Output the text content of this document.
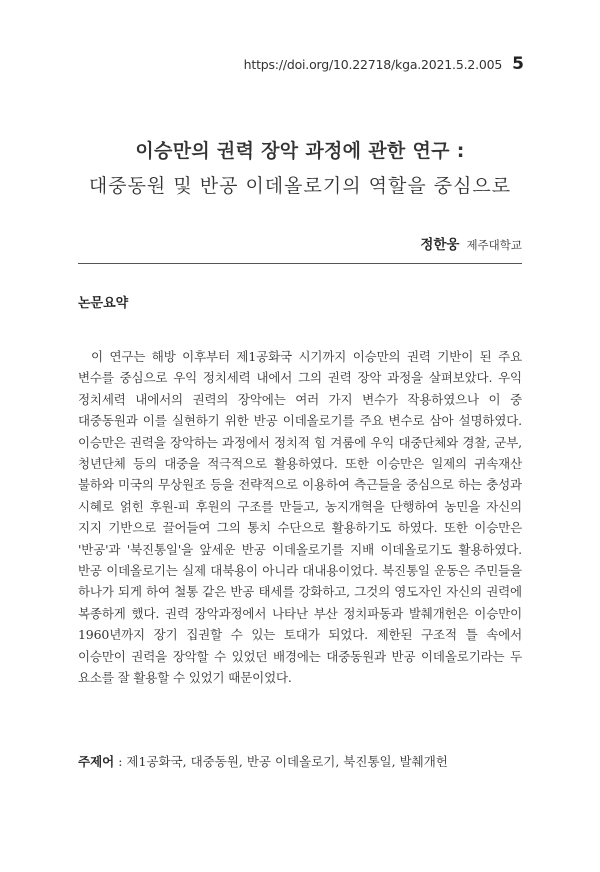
https://doi.org/10.22718/kga.2021.5.2.005 5
이승만의 권력 장악 과정에 관한 연구 :
대중동원 및 반공 이데올로기의 역할을 중심으로
정한웅 제주대학교
논문요약
이 연구는 해방 이후부터 제1공화국 시기까지 이승만의 권력 기반이 된 주요 변수를 중심으로 우익 정치세력 내에서 그의 권력 장악 과정을 살펴보았다. 우익 정치세력 내에서의 권력의 장악에는 여러 가지 변수가 작용하였으나 이 중 대중동원과 이를 실현하기 위한 반공 이데올로기를 주요 변수로 삼아 설명하였다. 이승만은 권력을 장악하는 과정에서 정치적 힘 겨룸에 우익 대중단체와 경찰, 군부, 청년단체 등의 대중을 적극적으로 활용하였다. 또한 이승만은 일제의 귀속재산 불하와 미국의 무상원조 등을 전략적으로 이용하여 측근들을 중심으로 하는 충성과 시혜로 얽힌 후원-피 후원의 구조를 만들고, 농지개혁을 단행하여 농민을 자신의 지지 기반으로 끌어들여 그의 통치 수단으로 활용하기도 하였다. 또한 이승만은 '반공'과 '북진통일'을 앞세운 반공 이데올로기를 지배 이데올로기도 활용하였다. 반공 이데올로기는 실제 대북용이 아니라 대내용이었다. 북진통일 운동은 주민들을 하나가 되게 하여 철통 같은 반공 태세를 강화하고, 그것의 영도자인 자신의 권력에 복종하게 했다. 권력 장악과정에서 나타난 부산 정치파동과 발췌개헌은 이승만이 1960년까지 장기 집권할 수 있는 토대가 되었다. 제한된 구조적 틀 속에서 이승만이 권력을 장악할 수 있었던 배경에는 대중동원과 반공 이데올로기라는 두 요소를 잘 활용할 수 있었기 때문이었다.
주제어 : 제1공화국, 대중동원, 반공 이데올로기, 북진통일, 발췌개헌
